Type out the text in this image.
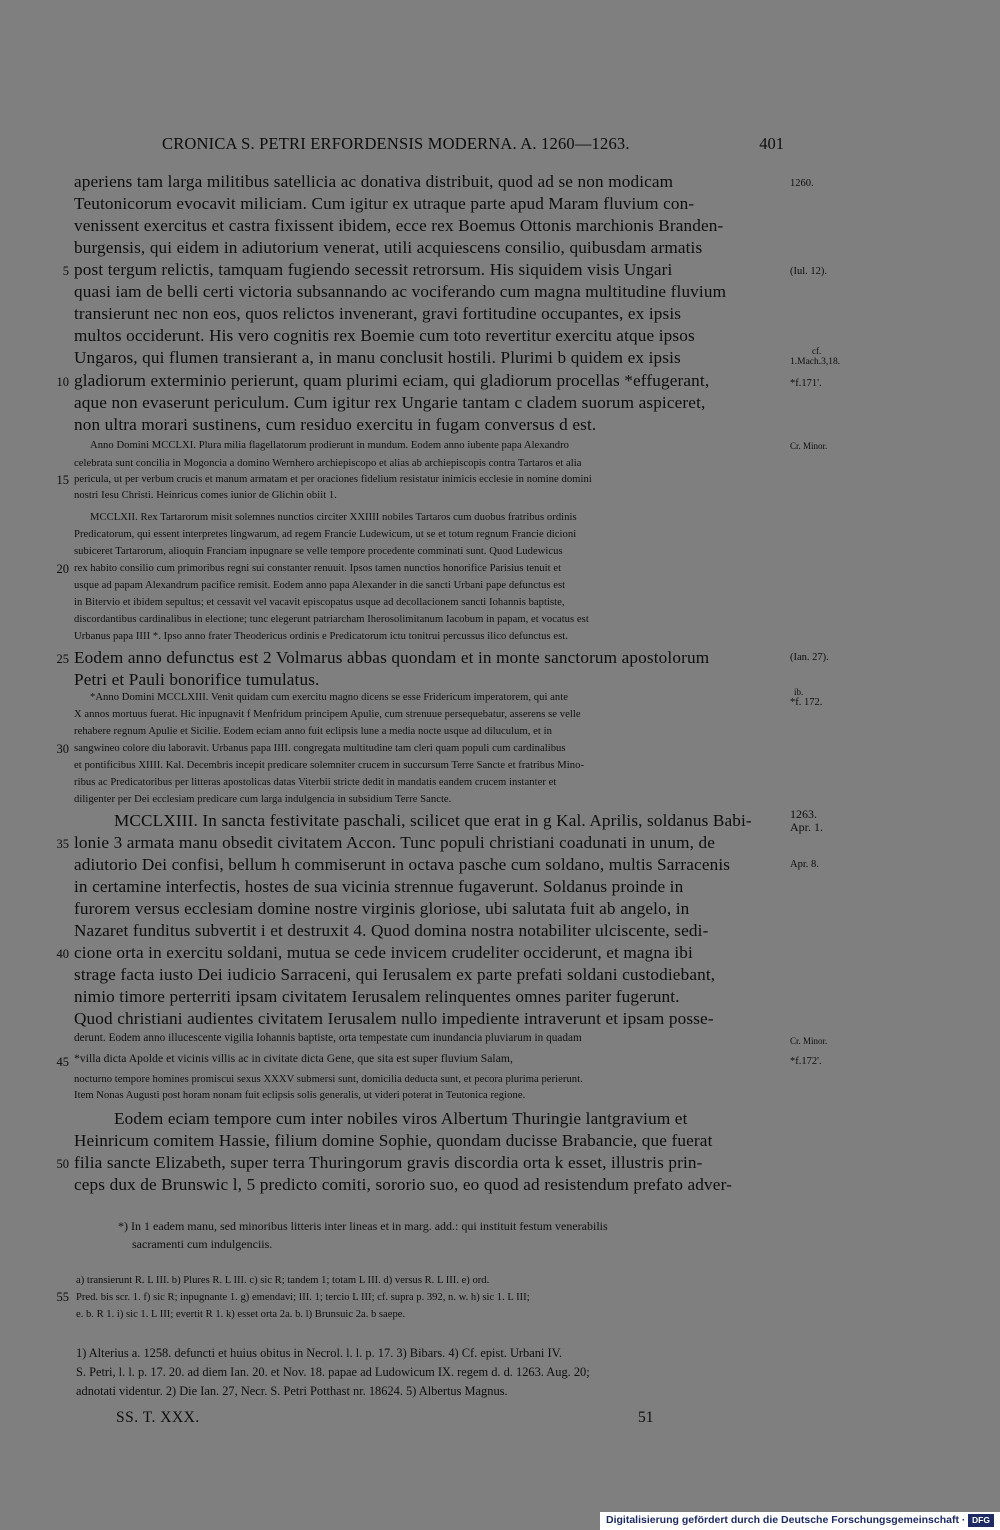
CRONICA S. PETRI ERFORDENSIS MODERNA. A. 1260—1263.	401
aperiens tam larga militibus satellicia ac donativa distribuit, quod ad se non modicam
Teutonicorum evocavit miliciam. Cum igitur ex utraque parte apud Maram fluvium con-
venissent exercitus et castra fixissent ibidem, ecce rex Boemus Ottonis marchionis Branden-
burgensis, qui eidem in adiutorium venerat, utili acquiescens consilio, quibusdam armatis
post tergum relictis, tamquam fugiendo secessit retrorsum. His siquidem visis Ungari
quasi iam de belli certi victoria subsannando ac vociferando cum magna multitudine fluvium
transierunt nec non eos, quos relictos invenerant, gravi fortitudine occupantes, ex ipsis
multos occiderunt. His vero cognitis rex Boemie cum toto revertitur exercitu atque ipsos
Ungaros, qui flumen transierant a, in manu conclusit hostili. Plurimi b quidem ex ipsis
gladiorum exterminio perierunt, quam plurimi eciam, qui gladiorum procellas *effugerant,
aque non evaserunt periculum. Cum igitur rex Ungarie tantam c cladem suorum aspiceret,
non ultra morari sustinens, cum residuo exercitu in fugam conversus d est.
Anno Domini MCCLXI. Plura milia flagellatorum prodierunt in mundum. Eodem anno iubente papa Alexandro
celebrata sunt concilia in Mogoncia a domino Wernhero archiepiscopo et alias ab archiepiscopis contra Tartaros et alia
pericula, ut per verbum crucis et manum armatam et per oraciones fidelium resistatur inimicis ecclesie in nomine domini
nostri Iesu Christi. Heinricus comes iunior de Glichin obiit 1.
MCCLXII. Rex Tartarorum misit solemnes nunctios circiter XXIIII nobiles Tartaros cum duobus fratribus ordinis
Predicatorum, qui essent interpretes lingwarum, ad regem Francie Ludewicum, ut se et totum regnum Francie dicioni
subiceret Tartarorum, alioquin Franciam inpugnare se velle tempore procedente comminati sunt. Quod Ludewicus
rex habito consilio cum primoribus regni sui constanter renuuit. Ipsos tamen nunctios honorifice Parisius tenuit et
usque ad papam Alexandrum pacifice remisit. Eodem anno papa Alexander in die sancti Urbani pape defunctus est
in Bitervio et ibidem sepultus; et cessavit vel vacavit episcopatus usque ad decollacionem sancti Iohannis baptiste,
discordantibus cardinalibus in electione; tunc elegerunt patriarcham Iherosolimitanum Iacobum in papam, et vocatus est
Urbanus papa IIII *. Ipso anno frater Theodericus ordinis e Predicatorum ictu tonitrui percussus ilico defunctus est.
Eodem anno defunctus est 2 Volmarus abbas quondam et in monte sanctorum apostolorum
Petri et Pauli bonorifice tumulatus.
*Anno Domini MCCLXIII. Venit quidam cum exercitu magno dicens se esse Fridericum imperatorem, qui ante
X annos mortuus fuerat. Hic inpugnavit f Menfridum principem Apulie, cum strenuue persequebatur, asserens se velle
rehabere regnum Apulie et Sicilie. Eodem eciam anno fuit eclipsis lune a media nocte usque ad diluculum, et in
sangwineo colore diu laboravit. Urbanus papa IIII. congregata multitudine tam cleri quam populi cum cardinalibus
et pontificibus XIIII. Kal. Decembris incepit predicare solemniter crucem in succursum Terre Sancte et fratribus Mino-
ribus ac Predicatoribus per litteras apostolicas datas Viterbii stricte dedit in mandatis eandem crucem instanter et
diligenter per Dei ecclesiam predicare cum larga indulgencia in subsidium Terre Sancte.
MCCLXIII. In sancta festivitate paschali, scilicet que erat in g Kal. Aprilis, soldanus Babi-
lonie 3 armata manu obsedit civitatem Accon. Tunc populi christiani coadunati in unum, de
adiutorio Dei confisi, bellum h commiserunt in octava pasche cum soldano, multis Sarracenis
in certamine interfectis, hostes de sua vicinia strennue fugaverunt. Soldanus proinde in
furorem versus ecclesiam domine nostre virginis gloriose, ubi salutata fuit ab angelo, in
Nazaret funditus subvertit i et destruxit 4. Quod domina nostra notabiliter ulciscente, sedi-
cione orta in exercitu soldani, mutua se cede invicem crudeliter occiderunt, et magna ibi
strage facta iusto Dei iudicio Sarraceni, qui Ierusalem ex parte prefati soldani custodiebant,
nimio timore perterriti ipsam civitatem Ierusalem relinquentes omnes pariter fugerunt.
Quod christiani audientes civitatem Ierusalem nullo impediente intraverunt et ipsam posse-
derunt. Eodem anno illucescente vigilia Iohannis baptiste, orta tempestate cum inundancia pluviarum in quadam
*villa dicta Apolde et vicinis villis ac in civitate dicta Gene, que sita est super fluvium Salam,
nocturno tempore homines promiscui sexus XXXV submersi sunt, domicilia deducta sunt, et pecora plurima perierunt.
Item Nonas Augusti post horam nonam fuit eclipsis solis generalis, ut videri poterat in Teutonica regione.
Eodem eciam tempore cum inter nobiles viros Albertum Thuringie lantgravium et
Heinricum comitem Hassie, filium domine Sophie, quondam ducisse Brabancie, que fuerat
filia sancte Elizabeth, super terra Thuringorum gravis discordia orta k esset, illustris prin-
ceps dux de Brunswic l, 5 predicto comiti, sororio suo, eo quod ad resistendum prefato adver-
5
10
15
20
25
30
35
40
45
50
55
1260.
(Iul. 12).
cf.
1.Mach.3,18.
*f.171'.
Cr. Minor.
(Ian. 27).
ib.
*f. 172.
1263.
Apr. 1.
Apr. 8.
Cr. Minor.
*f.172'.
*) In 1 eadem manu, sed minoribus litteris inter lineas et in marg. add.: qui instituit festum venerabilis
sacramenti cum indulgenciis.
a) transierunt R. L III. b) Plures R. L III. c) sic R; tandem 1; totam L III. d) versus R. L III. e) ord.
Pred. bis scr. 1. f) sic R; inpugnante 1. g) emendavi; III. 1; tercio L III; cf. supra p. 392, n. w. h) sic 1. L III;
e. b. R 1. i) sic 1. L III; evertit R 1. k) esset orta 2a. b. l) Brunsuic 2a. b saepe.
1) Alterius a. 1258. defuncti et huius obitus in Necrol. l. l. p. 17. 3) Bibars. 4) Cf. epist. Urbani IV.
S. Petri, l. l. p. 17. 20. ad diem Ian. 20. et Nov. 18. papae ad Ludowicum IX. regem d. d. 1263. Aug. 20;
adnotati videntur. 2) Die Ian. 27, Necr. S. Petri Potthast nr. 18624. 5) Albertus Magnus.
SS. T. XXX.	51
Digitalisierung gefördert durch die Deutsche Forschungsgemeinschaft · DFG
